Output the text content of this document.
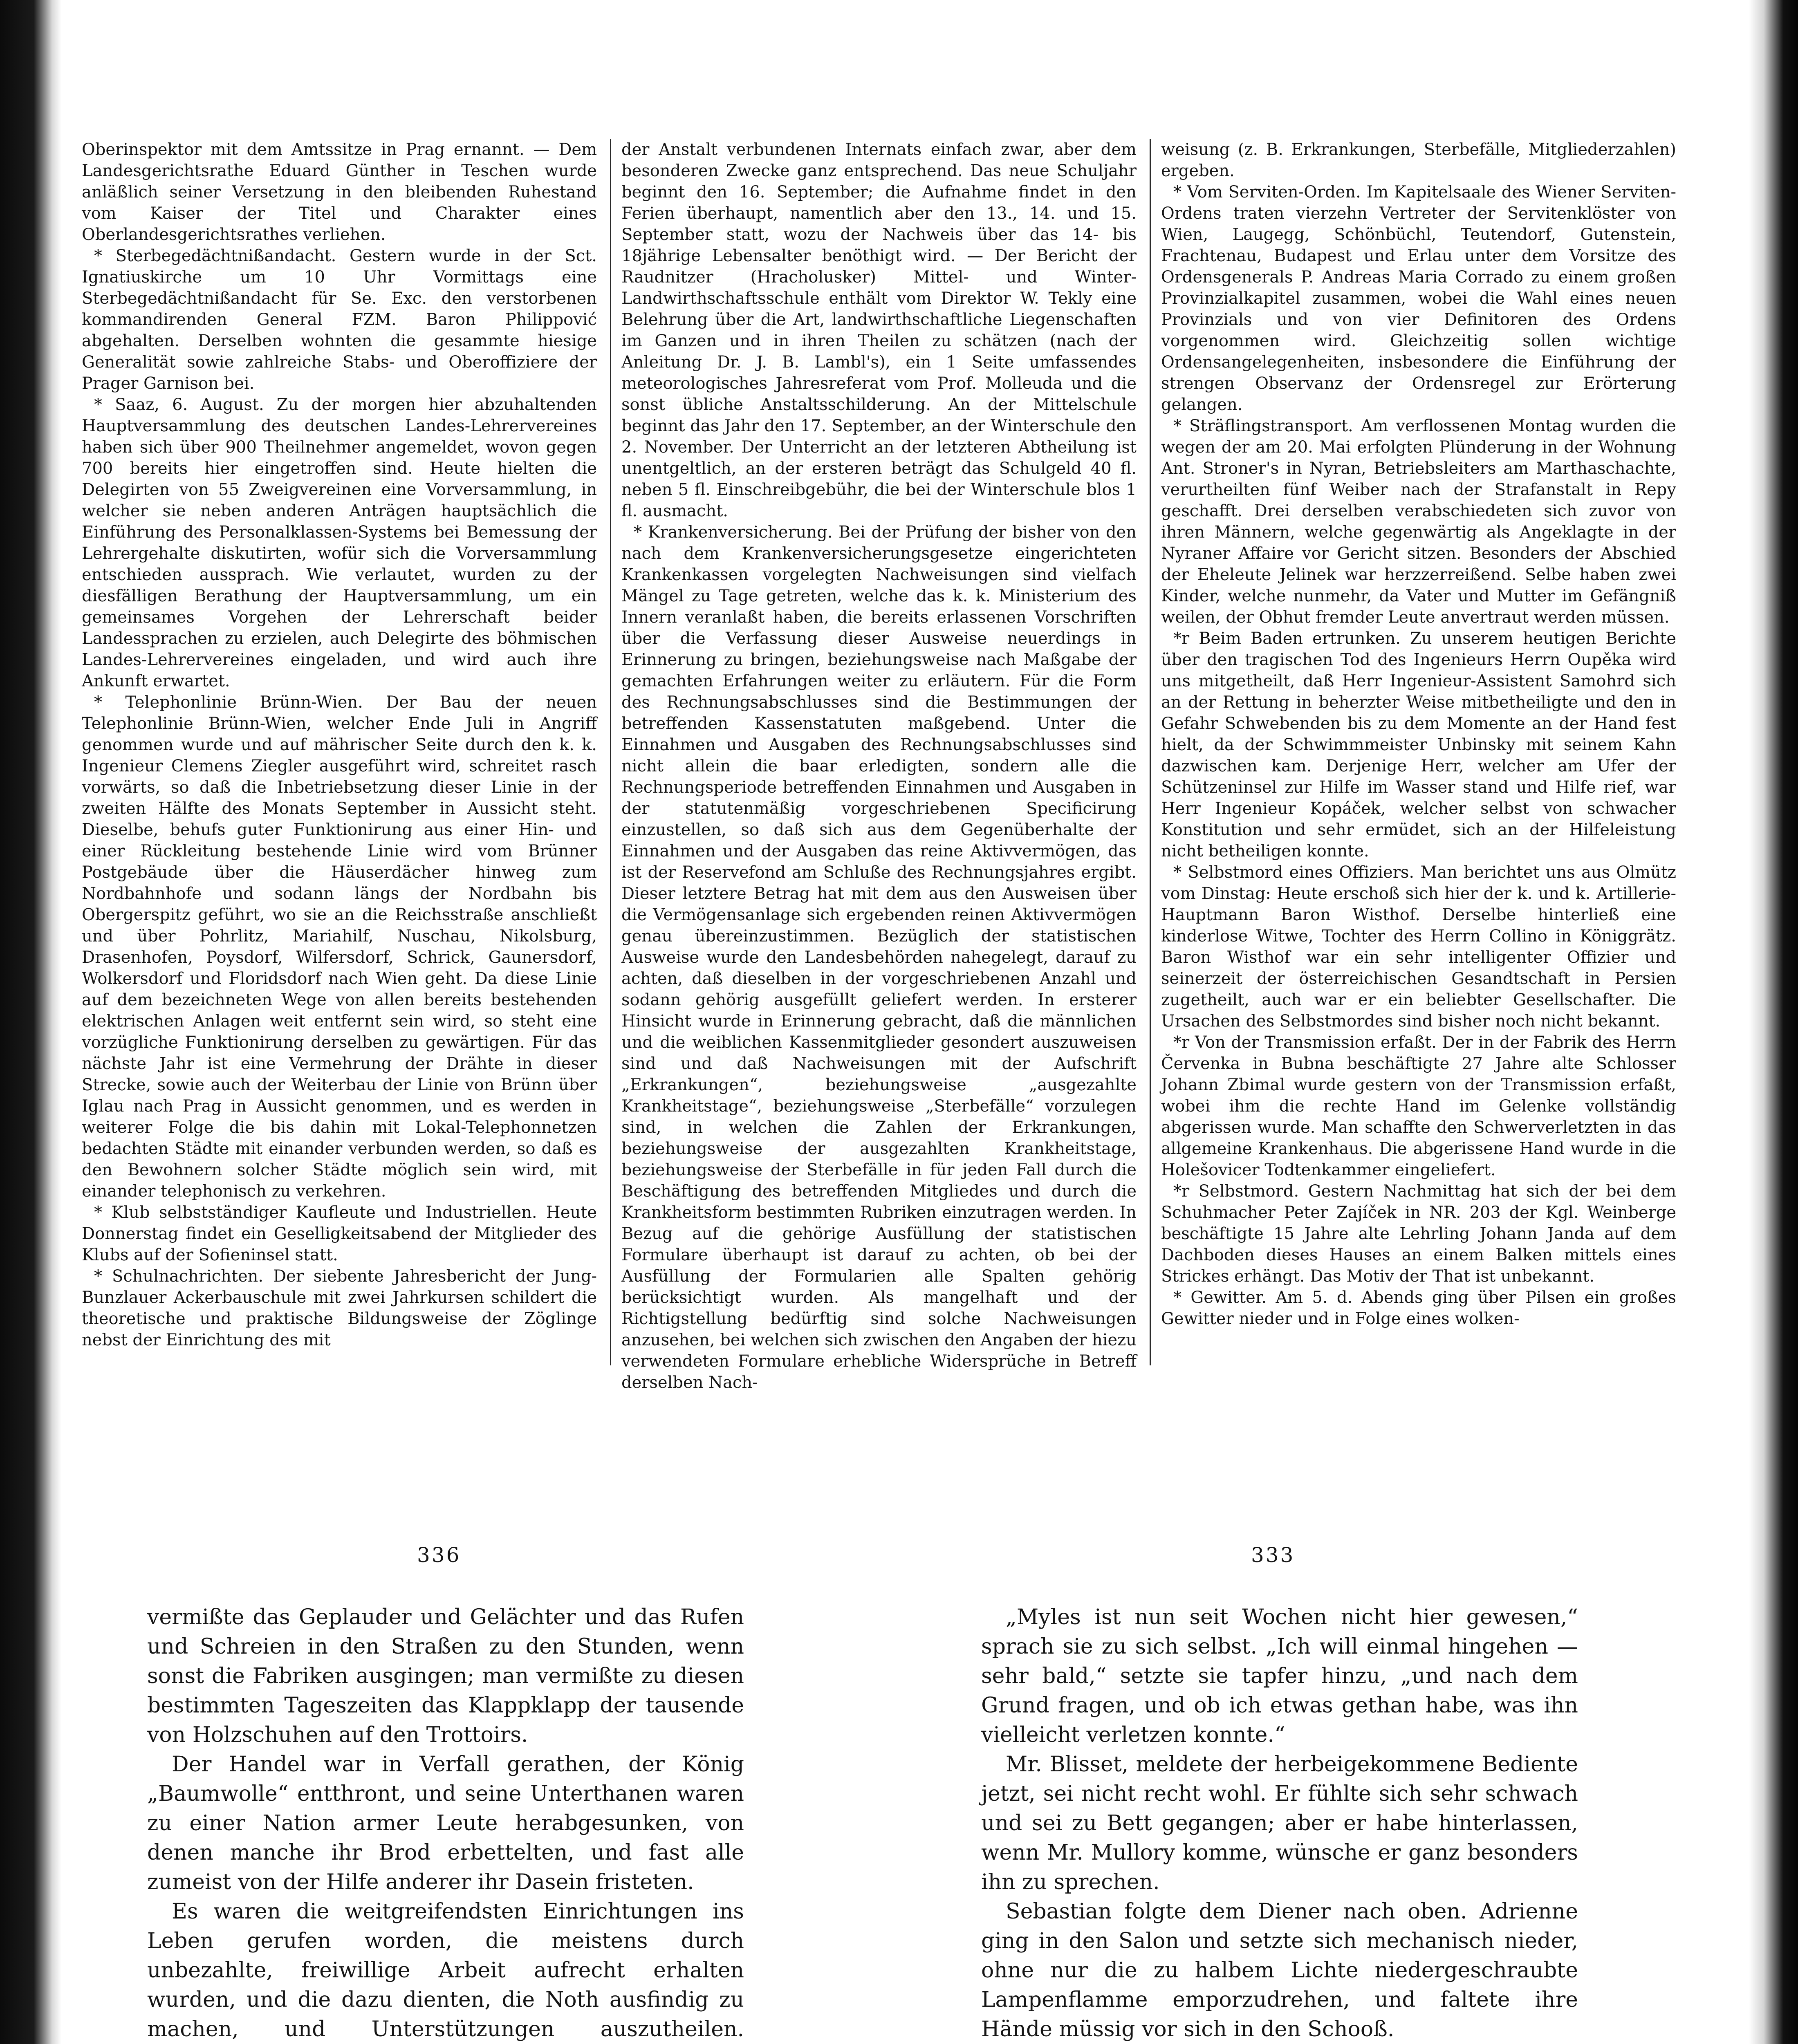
Oberinspektor mit dem Amtssitze in Prag ernannt. — Dem Landesgerichtsrathe Eduard Günther in Teschen wurde anläßlich seiner Versetzung in den bleibenden Ruhestand vom Kaiser der Titel und Charakter eines Oberlandesgerichtsrathes verliehen.

* Sterbegedächtnißandacht. Gestern wurde in der Sct. Ignatiuskirche um 10 Uhr Vormittags eine Sterbegedächtnißandacht für Se. Exc. den verstorbenen kommandirenden General FZM. Baron Philippović abgehalten. Derselben wohnten die gesammte hiesige Generalität sowie zahlreiche Stabs- und Oberoffiziere der Prager Garnison bei.

* Saaz, 6. August. Zu der morgen hier abzuhaltenden Hauptversammlung des deutschen Landes-Lehrervereines haben sich über 900 Theilnehmer angemeldet, wovon gegen 700 bereits hier eingetroffen sind. Heute hielten die Delegirten von 55 Zweigvereinen eine Vorversammlung, in welcher sie neben anderen Anträgen hauptsächlich die Einführung des Personalklassen-Systems bei Bemessung der Lehrergehalte diskutirten, wofür sich die Vorversammlung entschieden aussprach. Wie verlautet, wurden zu der diesfälligen Berathung der Hauptversammlung, um ein gemeinsames Vorgehen der Lehrerschaft beider Landessprachen zu erzielen, auch Delegirte des böhmischen Landes-Lehrervereines eingeladen, und wird auch ihre Ankunft erwartet.

* Telephonlinie Brünn-Wien. Der Bau der neuen Telephonlinie Brünn-Wien, welcher Ende Juli in Angriff genommen wurde und auf mährischer Seite durch den k. k. Ingenieur Clemens Ziegler ausgeführt wird, schreitet rasch vorwärts, so daß die Inbetriebsetzung dieser Linie in der zweiten Hälfte des Monats September in Aussicht steht. Dieselbe, behufs guter Funktionirung aus einer Hin- und einer Rückleitung bestehende Linie wird vom Brünner Postgebäude über die Häuserdächer hinweg zum Nordbahnhofe und sodann längs der Nordbahn bis Obergerspitz geführt, wo sie an die Reichsstraße anschließt und über Pohrlitz, Mariahilf, Nuschau, Nikolsburg, Drasenhofen, Poysdorf, Wilfersdorf, Schrick, Gaunersdorf, Wolkersdorf und Floridsdorf nach Wien geht. Da diese Linie auf dem bezeichneten Wege von allen bereits bestehenden elektrischen Anlagen weit entfernt sein wird, so steht eine vorzügliche Funktionirung derselben zu gewärtigen. Für das nächste Jahr ist eine Vermehrung der Drähte in dieser Strecke, sowie auch der Weiterbau der Linie von Brünn über Iglau nach Prag in Aussicht genommen, und es werden in weiterer Folge die bis dahin mit Lokal-Telephonnetzen bedachten Städte mit einander verbunden werden, so daß es den Bewohnern solcher Städte möglich sein wird, mit einander telephonisch zu verkehren.

* Klub selbstständiger Kaufleute und Industriellen. Heute Donnerstag findet ein Geselligkeitsabend der Mitglieder des Klubs auf der Sofieninsel statt.

* Schulnachrichten. Der siebente Jahresbericht der Jung-Bunzlauer Ackerbauschule mit zwei Jahrkursen schildert die theoretische und praktische Bildungsweise der Zöglinge nebst der Einrichtung des mit

der Anstalt verbundenen Internats einfach zwar, aber dem besonderen Zwecke ganz entsprechend. Das neue Schuljahr beginnt den 16. September; die Aufnahme findet in den Ferien überhaupt, namentlich aber den 13., 14. und 15. September statt, wozu der Nachweis über das 14- bis 18jährige Lebensalter benöthigt wird. — Der Bericht der Raudnitzer (Hracholusker) Mittel- und Winter-Landwirthschaftsschule enthält vom Direktor W. Tekly eine Belehrung über die Art, landwirthschaftliche Liegenschaften im Ganzen und in ihren Theilen zu schätzen (nach der Anleitung Dr. J. B. Lambl's), ein 1 Seite umfassendes meteorologisches Jahresreferat vom Prof. Molleuda und die sonst übliche Anstaltsschilderung. An der Mittelschule beginnt das Jahr den 17. September, an der Winterschule den 2. November. Der Unterricht an der letzteren Abtheilung ist unentgeltlich, an der ersteren beträgt das Schulgeld 40 fl. neben 5 fl. Einschreibgebühr, die bei der Winterschule blos 1 fl. ausmacht.

* Krankenversicherung. Bei der Prüfung der bisher von den nach dem Krankenversicherungsgesetze eingerichteten Krankenkassen vorgelegten Nachweisungen sind vielfach Mängel zu Tage getreten, welche das k. k. Ministerium des Innern veranlaßt haben, die bereits erlassenen Vorschriften über die Verfassung dieser Ausweise neuerdings in Erinnerung zu bringen, beziehungsweise nach Maßgabe der gemachten Erfahrungen weiter zu erläutern. Für die Form des Rechnungsabschlusses sind die Bestimmungen der betreffenden Kassenstatuten maßgebend. Unter die Einnahmen und Ausgaben des Rechnungsabschlusses sind nicht allein die baar erledigten, sondern alle die Rechnungsperiode betreffenden Einnahmen und Ausgaben in der statutenmäßig vorgeschriebenen Specificirung einzustellen, so daß sich aus dem Gegenüberhalte der Einnahmen und der Ausgaben das reine Aktivvermögen, das ist der Reservefond am Schluße des Rechnungsjahres ergibt. Dieser letztere Betrag hat mit dem aus den Ausweisen über die Vermögensanlage sich ergebenden reinen Aktivvermögen genau übereinzustimmen. Bezüglich der statistischen Ausweise wurde den Landesbehörden nahegelegt, darauf zu achten, daß dieselben in der vorgeschriebenen Anzahl und sodann gehörig ausgefüllt geliefert werden. In ersterer Hinsicht wurde in Erinnerung gebracht, daß die männlichen und die weiblichen Kassenmitglieder gesondert auszuweisen sind und daß Nachweisungen mit der Aufschrift „Erkrankungen“, beziehungsweise „ausgezahlte Krankheitstage“, beziehungsweise „Sterbefälle“ vorzulegen sind, in welchen die Zahlen der Erkrankungen, beziehungsweise der ausgezahlten Krankheitstage, beziehungsweise der Sterbefälle in für jeden Fall durch die Beschäftigung des betreffenden Mitgliedes und durch die Krankheitsform bestimmten Rubriken einzutragen werden. In Bezug auf die gehörige Ausfüllung der statistischen Formulare überhaupt ist darauf zu achten, ob bei der Ausfüllung der Formularien alle Spalten gehörig berücksichtigt wurden. Als mangelhaft und der Richtigstellung bedürftig sind solche Nachweisungen anzusehen, bei welchen sich zwischen den Angaben der hiezu verwendeten Formulare erhebliche Widersprüche in Betreff derselben Nach-

weisung (z. B. Erkrankungen, Sterbefälle, Mitgliederzahlen) ergeben.

* Vom Serviten-Orden. Im Kapitelsaale des Wiener Serviten-Ordens traten vierzehn Vertreter der Servitenklöster von Wien, Laugegg, Schönbüchl, Teutendorf, Gutenstein, Frachtenau, Budapest und Erlau unter dem Vorsitze des Ordensgenerals P. Andreas Maria Corrado zu einem großen Provinzialkapitel zusammen, wobei die Wahl eines neuen Provinzials und von vier Definitoren des Ordens vorgenommen wird. Gleichzeitig sollen wichtige Ordensangelegenheiten, insbesondere die Einführung der strengen Observanz der Ordensregel zur Erörterung gelangen.

* Sträflingstransport. Am verflossenen Montag wurden die wegen der am 20. Mai erfolgten Plünderung in der Wohnung Ant. Stroner's in Nyran, Betriebsleiters am Marthaschachte, verurtheilten fünf Weiber nach der Strafanstalt in Repy geschafft. Drei derselben verabschiedeten sich zuvor von ihren Männern, welche gegenwärtig als Angeklagte in der Nyraner Affaire vor Gericht sitzen. Besonders der Abschied der Eheleute Jelinek war herzzerreißend. Selbe haben zwei Kinder, welche nunmehr, da Vater und Mutter im Gefängniß weilen, der Obhut fremder Leute anvertraut werden müssen.

*r Beim Baden ertrunken. Zu unserem heutigen Berichte über den tragischen Tod des Ingenieurs Herrn Oupěka wird uns mitgetheilt, daß Herr Ingenieur-Assistent Samohrd sich an der Rettung in beherzter Weise mitbetheiligte und den in Gefahr Schwebenden bis zu dem Momente an der Hand fest hielt, da der Schwimmmeister Unbinsky mit seinem Kahn dazwischen kam. Derjenige Herr, welcher am Ufer der Schützeninsel zur Hilfe im Wasser stand und Hilfe rief, war Herr Ingenieur Kopáček, welcher selbst von schwacher Konstitution und sehr ermüdet, sich an der Hilfeleistung nicht betheiligen konnte.

* Selbstmord eines Offiziers. Man berichtet uns aus Olmütz vom Dinstag: Heute erschoß sich hier der k. und k. Artillerie-Hauptmann Baron Wisthof. Derselbe hinterließ eine kinderlose Witwe, Tochter des Herrn Collino in Königgrätz. Baron Wisthof war ein sehr intelligenter Offizier und seinerzeit der österreichischen Gesandtschaft in Persien zugetheilt, auch war er ein beliebter Gesellschafter. Die Ursachen des Selbstmordes sind bisher noch nicht bekannt.

*r Von der Transmission erfaßt. Der in der Fabrik des Herrn Červenka in Bubna beschäftigte 27 Jahre alte Schlosser Johann Zbimal wurde gestern von der Transmission erfaßt, wobei ihm die rechte Hand im Gelenke vollständig abgerissen wurde. Man schaffte den Schwerverletzten in das allgemeine Krankenhaus. Die abgerissene Hand wurde in die Holešovicer Todtenkammer eingeliefert.

*r Selbstmord. Gestern Nachmittag hat sich der bei dem Schuhmacher Peter Zajíček in NR. 203 der Kgl. Weinberge beschäftigte 15 Jahre alte Lehrling Johann Janda auf dem Dachboden dieses Hauses an einem Balken mittels eines Strickes erhängt. Das Motiv der That ist unbekannt.

* Gewitter. Am 5. d. Abends ging über Pilsen ein großes Gewitter nieder und in Folge eines wolken-

336	333

vermißte das Geplauder und Gelächter und das Rufen und Schreien in den Straßen zu den Stunden, wenn sonst die Fabriken ausgingen; man vermißte zu diesen bestimmten Tageszeiten das Klappklapp der tausende von Holzschuhen auf den Trottoirs.

Der Handel war in Verfall gerathen, der König „Baumwolle“ entthront, und seine Unterthanen waren zu einer Nation armer Leute herabgesunken, von denen manche ihr Brod erbettelten, und fast alle zumeist von der Hilfe anderer ihr Dasein fristeten.

Es waren die weitgreifendsten Einrichtungen ins Leben gerufen worden, die meistens durch unbezahlte, freiwillige Arbeit aufrecht erhalten wurden, und die dazu dienten, die Noth ausfindig zu machen, und Unterstützungen auszutheilen.

„Myles ist nun seit Wochen nicht hier gewesen,“ sprach sie zu sich selbst. „Ich will einmal hingehen — sehr bald,“ setzte sie tapfer hinzu, „und nach dem Grund fragen, und ob ich etwas gethan habe, was ihn vielleicht verletzen konnte.“

Mr. Blisset, meldete der herbeigekommene Bediente jetzt, sei nicht recht wohl. Er fühlte sich sehr schwach und sei zu Bett gegangen; aber er habe hinterlassen, wenn Mr. Mullory komme, wünsche er ganz besonders ihn zu sprechen.

Sebastian folgte dem Diener nach oben. Adrienne ging in den Salon und setzte sich mechanisch nieder, ohne nur die zu halbem Lichte niedergeschraubte Lampenflamme emporzudrehen, und faltete ihre Hände müssig vor sich in den Schooß.
